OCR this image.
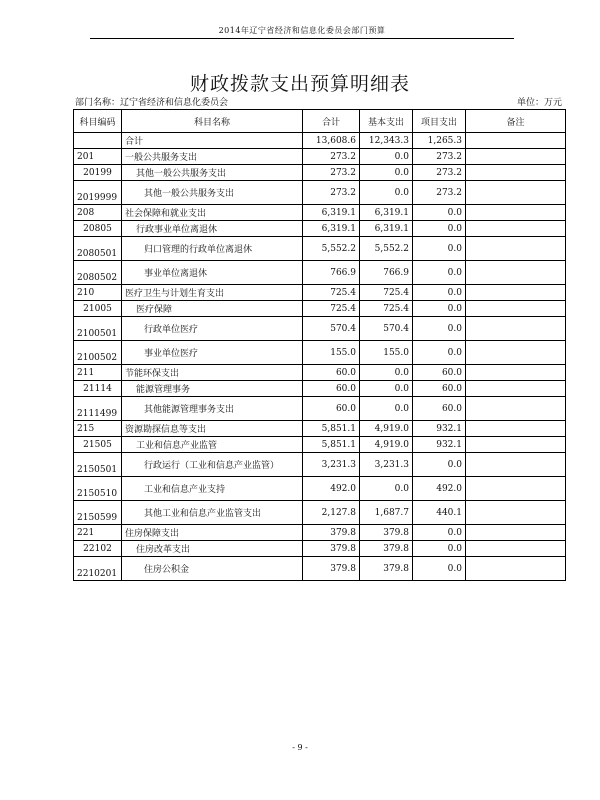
2014年辽宁省经济和信息化委员会部门预算
财政拨款支出预算明细表
部门名称：辽宁省经济和信息化委员会	单位：万元
科目编码	科目名称	合计	基本支出	项目支出	备注
	合计	13,608.6	12,343.3	1,265.3	
201	一般公共服务支出	273.2	0.0	273.2	
20199	其他一般公共服务支出	273.2	0.0	273.2	
2019999	其他一般公共服务支出	273.2	0.0	273.2	
208	社会保障和就业支出	6,319.1	6,319.1	0.0	
20805	行政事业单位离退休	6,319.1	6,319.1	0.0	
2080501	归口管理的行政单位离退休	5,552.2	5,552.2	0.0	
2080502	事业单位离退休	766.9	766.9	0.0	
210	医疗卫生与计划生育支出	725.4	725.4	0.0	
21005	医疗保障	725.4	725.4	0.0	
2100501	行政单位医疗	570.4	570.4	0.0	
2100502	事业单位医疗	155.0	155.0	0.0	
211	节能环保支出	60.0	0.0	60.0	
21114	能源管理事务	60.0	0.0	60.0	
2111499	其他能源管理事务支出	60.0	0.0	60.0	
215	资源勘探信息等支出	5,851.1	4,919.0	932.1	
21505	工业和信息产业监管	5,851.1	4,919.0	932.1	
2150501	行政运行（工业和信息产业监管）	3,231.3	3,231.3	0.0	
2150510	工业和信息产业支持	492.0	0.0	492.0	
2150599	其他工业和信息产业监管支出	2,127.8	1,687.7	440.1	
221	住房保障支出	379.8	379.8	0.0	
22102	住房改革支出	379.8	379.8	0.0	
2210201	住房公积金	379.8	379.8	0.0	
- 9 -
